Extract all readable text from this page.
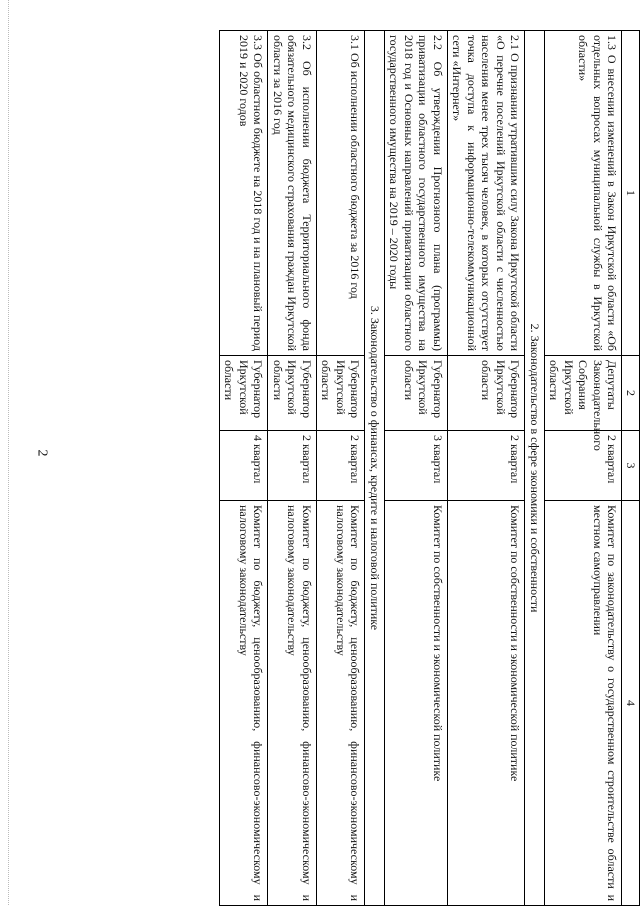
2
1	2	3	4
1.3 О внесении изменений в Закон Иркутской области «Об отдельных вопросах муниципальной службы в Иркутской области»	Депутаты Законодательного Собрания Иркутской области	2 квартал	Комитет по законодательству о государственном строительстве области и местном самоуправлении
2. Законодательство в сфере экономики и собственности			
2.1 О признании утратившим силу Закона Иркутской области «О перечне поселений Иркутской области с численностью населения менее трех тысяч человек, в которых отсутствует точка доступа к информационно-телекоммуникационной сети «Интернет»	Губернатор Иркутской области	2 квартал	Комитет по собственности и экономической политике
2.2 Об утверждении Прогнозного плана (программы) приватизации областного государственного имущества на 2018 год и Основных направлений приватизации областного государственного имущества на 2019 – 2020 годы	Губернатор Иркутской области	3 квартал	Комитет по собственности и экономической политике
3. Законодательство о финансах, кредите и налоговой политике			
3.1 Об исполнении областного бюджета за 2016 год	Губернатор Иркутской области	2 квартал	Комитет по бюджету, ценообразованию, финансово-экономическому и налоговому законодательству
3.2 Об исполнении бюджета Территориального фонда обязательного медицинского страхования граждан Иркутской области за 2016 год	Губернатор Иркутской области	2 квартал	Комитет по бюджету, ценообразованию, финансово-экономическому и налоговому законодательству
3.3 Об областном бюджете на 2018 год и на плановый период 2019 и 2020 годов	Губернатор Иркутской области	4 квартал	Комитет по бюджету, ценообразованию, финансово-экономическому и налоговому законодательству
